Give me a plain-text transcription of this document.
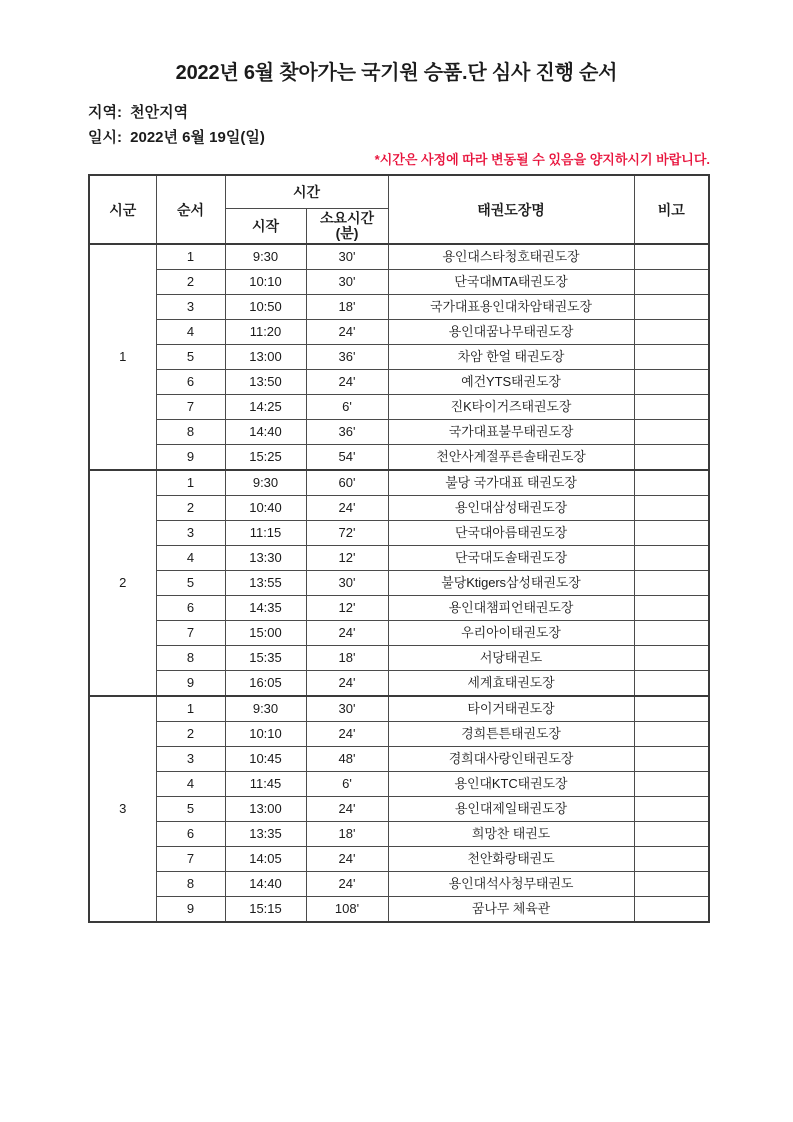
2022년 6월 찾아가는 국기원 승품.단 심사 진행 순서
지역: 천안지역
일시: 2022년 6월 19일(일)
*시간은 사정에 따라 변동될 수 있음을 양지하시기 바랍니다.
시군	순서	시간		태권도장명	비고
		시작	소요시간
(분)		

1	1	9:30	30'	용인대스타청호태권도장	
	2	10:10	30'	단국대MTA태권도장	
	3	10:50	18'	국가대표용인대차암태권도장	
	4	11:20	24'	용인대꿈나무태권도장	
	5	13:00	36'	차암 한얼 태권도장	
	6	13:50	24'	예건YTS태권도장	
	7	14:25	6'	진K타이거즈태권도장	
	8	14:40	36'	국가대표불무태권도장	
	9	15:25	54'	천안사계절푸른솔태권도장	
2	1	9:30	60'	불당 국가대표 태권도장	
	2	10:40	24'	용인대삼성태권도장	
	3	11:15	72'	단국대아름태권도장	
	4	13:30	12'	단국대도솔태권도장	
	5	13:55	30'	불당Ktigers삼성태권도장	
	6	14:35	12'	용인대챔피언태권도장	
	7	15:00	24'	우리아이태권도장	
	8	15:35	18'	서당태권도	
	9	16:05	24'	세계효태권도장	
3	1	9:30	30'	타이거태권도장	
	2	10:10	24'	경희튼튼태권도장	
	3	10:45	48'	경희대사랑인태권도장	
	4	11:45	6'	용인대KTC태권도장	
	5	13:00	24'	용인대제일태권도장	
	6	13:35	18'	희망찬 태권도	
	7	14:05	24'	천안화랑태권도	
	8	14:40	24'	용인대석사청무태권도	
	9	15:15	108'	꿈나무 체육관	
